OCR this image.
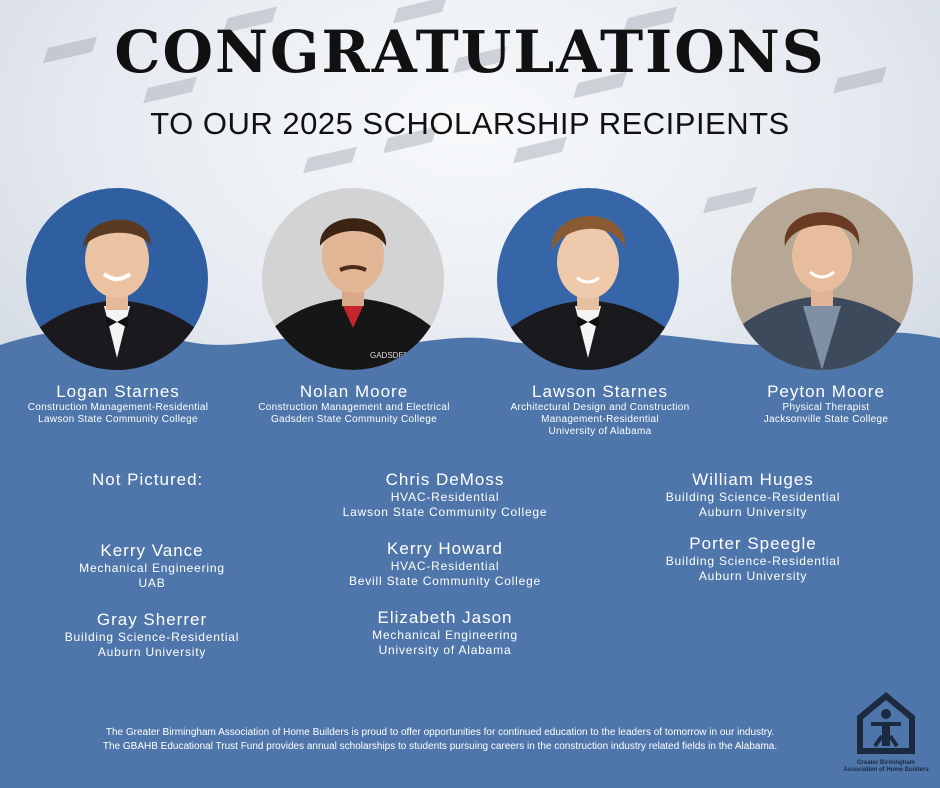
CONGRATULATIONS
TO OUR 2025 SCHOLARSHIP RECIPIENTS
GADSDEN
Logan Starnes
Construction Management-Residential
Lawson State Community College
Nolan Moore
Construction Management and Electrical
Gadsden State Community College
Lawson Starnes
Architectural Design and Construction
Management-Residential
University of Alabama
Peyton Moore
Physical Therapist
Jacksonville State College
Not Pictured:	Chris DeMoss
HVAC-Residential
Lawson State Community College
William Huges
Building Science-Residential
Auburn University
Kerry Vance
Mechanical Engineering
UAB
Kerry Howard
HVAC-Residential
Bevill State Community College
Porter Speegle
Building Science-Residential
Auburn University
Gray Sherrer
Building Science-Residential
Auburn University
Elizabeth Jason
Mechanical Engineering
University of Alabama
The Greater Birmingham Association of Home Builders is proud to offer opportunities for continued education to the leaders of tomorrow in our industry.
The GBAHB Educational Trust Fund provides annual scholarships to students pursuing careers in the construction industry related fields in the Alabama.
Greater Birmingham
Association of Home Builders
